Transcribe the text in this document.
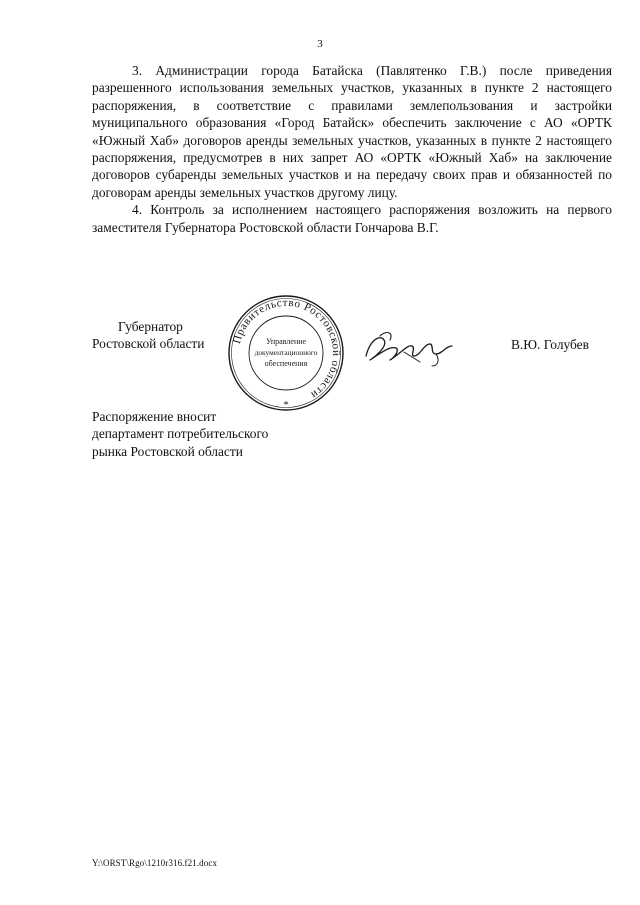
3

3. Администрации города Батайска (Павлятенко Г.В.) после приведения разрешенного использования земельных участков, указанных в пункте 2 настоящего распоряжения, в соответствие с правилами землепользования и застройки муниципального образования «Город Батайск» обеспечить заключение с АО «ОРТК «Южный Хаб» договоров аренды земельных участков, указанных в пункте 2 настоящего распоряжения, предусмотрев в них запрет АО «ОРТК «Южный Хаб» на заключение договоров субаренды земельных участков и на передачу своих прав и обязанностей по договорам аренды земельных участков другому лицу.

4. Контроль за исполнением настоящего распоряжения возложить на первого заместителя Губернатора Ростовской области Гончарова В.Г.

Губернатор
Ростовской области Правительство Ростовской области
Управление
документационного
обеспечения
*
В.Ю. Голубев
Распоряжение вносит
департамент потребительского
рынка Ростовской области
Y:\ORST\Rgo\1210r316.f21.docx
